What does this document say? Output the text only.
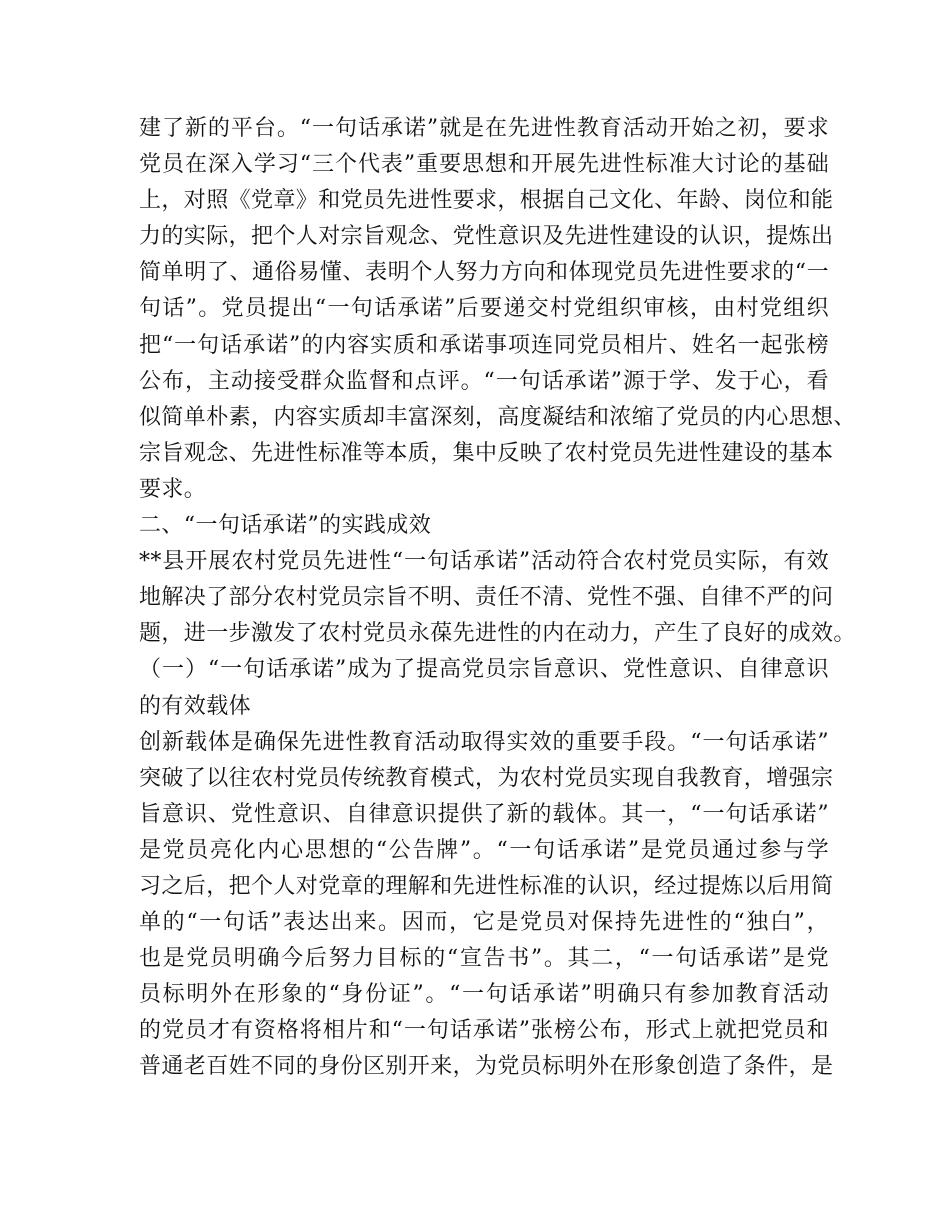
建了新的平台。“一句话承诺”就是在先进性教育活动开始之初，要求
党员在深入学习“三个代表”重要思想和开展先进性标准大讨论的基础
上，对照《党章》和党员先进性要求，根据自己文化、年龄、岗位和能
力的实际，把个人对宗旨观念、党性意识及先进性建设的认识，提炼出
简单明了、通俗易懂、表明个人努力方向和体现党员先进性要求的“一
句话”。党员提出“一句话承诺”后要递交村党组织审核，由村党组织
把“一句话承诺”的内容实质和承诺事项连同党员相片、姓名一起张榜
公布，主动接受群众监督和点评。“一句话承诺”源于学、发于心，看
似简单朴素，内容实质却丰富深刻，高度凝结和浓缩了党员的内心思想、
宗旨观念、先进性标准等本质，集中反映了农村党员先进性建设的基本
要求。
二、“一句话承诺”的实践成效
**县开展农村党员先进性“一句话承诺”活动符合农村党员实际，有效
地解决了部分农村党员宗旨不明、责任不清、党性不强、自律不严的问
题，进一步激发了农村党员永葆先进性的内在动力，产生了良好的成效。
（一）“一句话承诺”成为了提高党员宗旨意识、党性意识、自律意识
的有效载体
创新载体是确保先进性教育活动取得实效的重要手段。“一句话承诺”
突破了以往农村党员传统教育模式，为农村党员实现自我教育，增强宗
旨意识、党性意识、自律意识提供了新的载体。其一，“一句话承诺”
是党员亮化内心思想的“公告牌”。“一句话承诺”是党员通过参与学
习之后，把个人对党章的理解和先进性标准的认识，经过提炼以后用简
单的“一句话”表达出来。因而，它是党员对保持先进性的“独白”，
也是党员明确今后努力目标的“宣告书”。其二，“一句话承诺”是党
员标明外在形象的“身份证”。“一句话承诺”明确只有参加教育活动
的党员才有资格将相片和“一句话承诺”张榜公布，形式上就把党员和
普通老百姓不同的身份区别开来，为党员标明外在形象创造了条件，是
